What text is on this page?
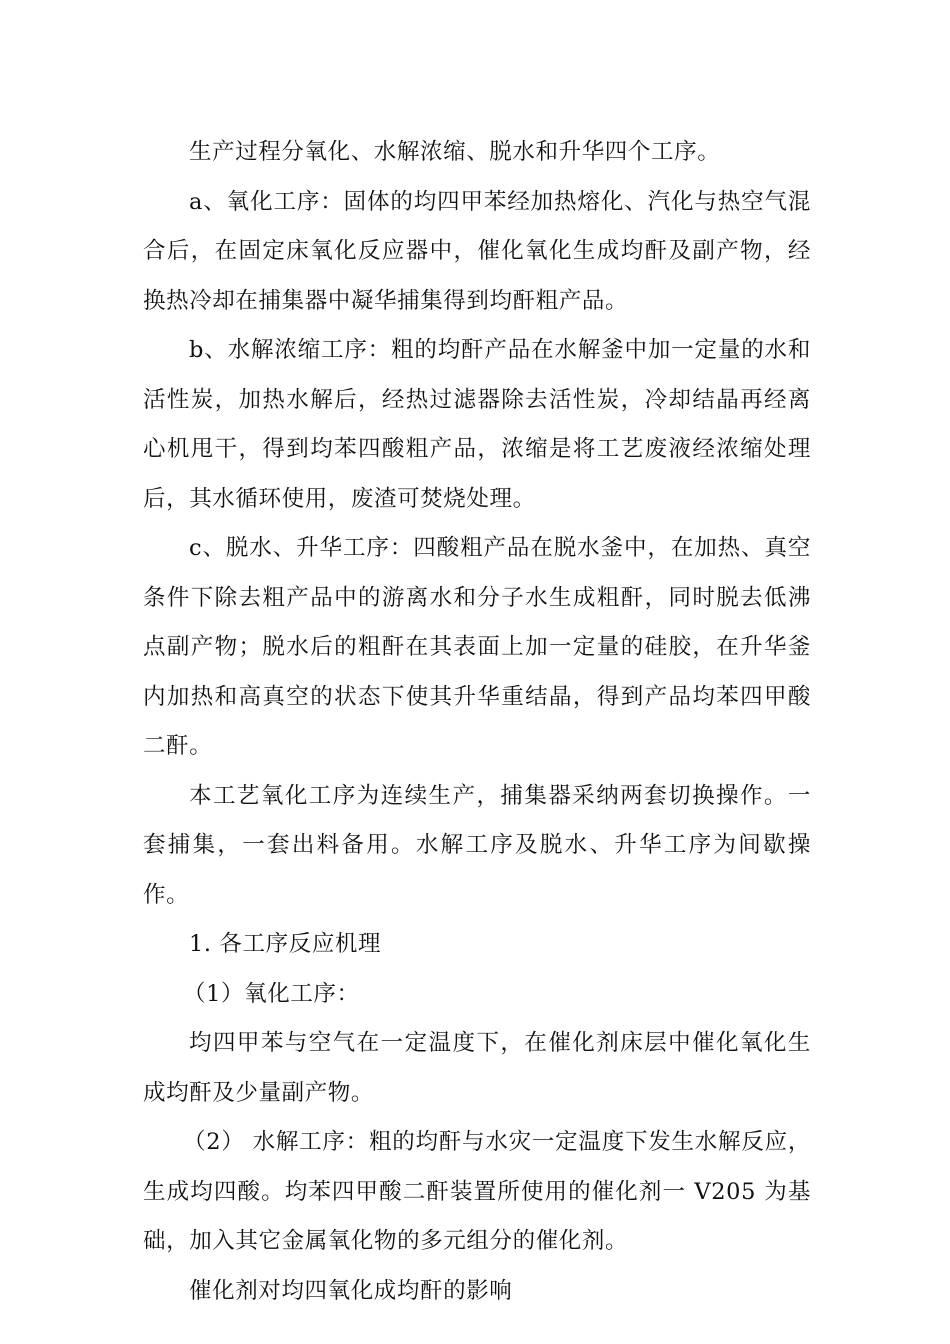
生产过程分氧化、水解浓缩、脱水和升华四个工序。

a、氧化工序：固体的均四甲苯经加热熔化、汽化与热空气混合后，在固定床氧化反应器中，催化氧化生成均酐及副产物，经换热冷却在捕集器中凝华捕集得到均酐粗产品。

b、水解浓缩工序：粗的均酐产品在水解釜中加一定量的水和活性炭，加热水解后，经热过滤器除去活性炭，冷却结晶再经离心机甩干，得到均苯四酸粗产品，浓缩是将工艺废液经浓缩处理后，其水循环使用，废渣可焚烧处理。

c、脱水、升华工序：四酸粗产品在脱水釜中，在加热、真空条件下除去粗产品中的游离水和分子水生成粗酐，同时脱去低沸点副产物；脱水后的粗酐在其表面上加一定量的硅胶，在升华釜内加热和高真空的状态下使其升华重结晶，得到产品均苯四甲酸二酐。

本工艺氧化工序为连续生产，捕集器采纳两套切换操作。一套捕集，一套出料备用。水解工序及脱水、升华工序为间歇操作。

1. 各工序反应机理

（1）氧化工序：

均四甲苯与空气在一定温度下，在催化剂床层中催化氧化生成均酐及少量副产物。

（2） 水解工序：粗的均酐与水灾一定温度下发生水解反应，生成均四酸。均苯四甲酸二酐装置所使用的催化剂一 V205 为基础，加入其它金属氧化物的多元组分的催化剂。

催化剂对均四氧化成均酐的影响
